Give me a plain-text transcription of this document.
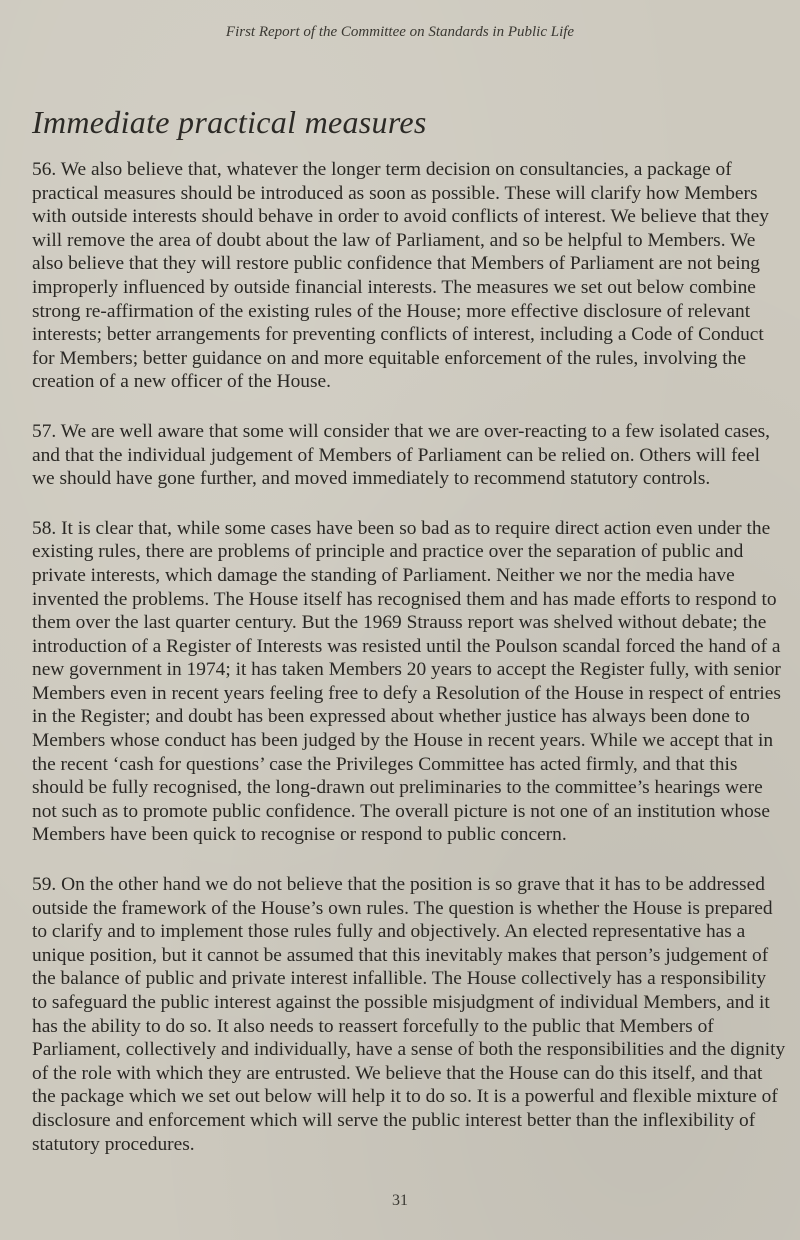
First Report of the Committee on Standards in Public Life
Immediate practical measures

56. We also believe that, whatever the longer term decision on consultancies, a package of practical measures should be introduced as soon as possible. These will clarify how Members with outside interests should behave in order to avoid conflicts of interest. We believe that they will remove the area of doubt about the law of Parliament, and so be helpful to Members. We also believe that they will restore public confidence that Members of Parliament are not being improperly influenced by outside financial interests. The measures we set out below combine strong re-affirmation of the existing rules of the House; more effective disclosure of relevant interests; better arrangements for preventing conflicts of interest, including a Code of Conduct for Members; better guidance on and more equitable enforcement of the rules, involving the creation of a new officer of the House.

57. We are well aware that some will consider that we are over-reacting to a few isolated cases, and that the individual judgement of Members of Parliament can be relied on. Others will feel we should have gone further, and moved immediately to recommend statutory controls.

58. It is clear that, while some cases have been so bad as to require direct action even under the existing rules, there are problems of principle and practice over the separation of public and private interests, which damage the standing of Parliament. Neither we nor the media have invented the problems. The House itself has recognised them and has made efforts to respond to them over the last quarter century. But the 1969 Strauss report was shelved without debate; the introduction of a Register of Interests was resisted until the Poulson scandal forced the hand of a new government in 1974; it has taken Members 20 years to accept the Register fully, with senior Members even in recent years feeling free to defy a Resolution of the House in respect of entries in the Register; and doubt has been expressed about whether justice has always been done to Members whose conduct has been judged by the House in recent years. While we accept that in the recent ‘cash for questions’ case the Privileges Committee has acted firmly, and that this should be fully recognised, the long-drawn out preliminaries to the committee’s hearings were not such as to promote public confidence. The overall picture is not one of an institution whose Members have been quick to recognise or respond to public concern.

59. On the other hand we do not believe that the position is so grave that it has to be addressed outside the framework of the House’s own rules. The question is whether the House is prepared to clarify and to implement those rules fully and objectively. An elected representative has a unique position, but it cannot be assumed that this inevitably makes that person’s judgement of the balance of public and private interest infallible. The House collectively has a responsibility to safeguard the public interest against the possible misjudgment of individual Members, and it has the ability to do so. It also needs to reassert forcefully to the public that Members of Parliament, collectively and individually, have a sense of both the responsibilities and the dignity of the role with which they are entrusted. We believe that the House can do this itself, and that the package which we set out below will help it to do so. It is a powerful and flexible mixture of disclosure and enforcement which will serve the public interest better than the inflexibility of statutory procedures.

31
